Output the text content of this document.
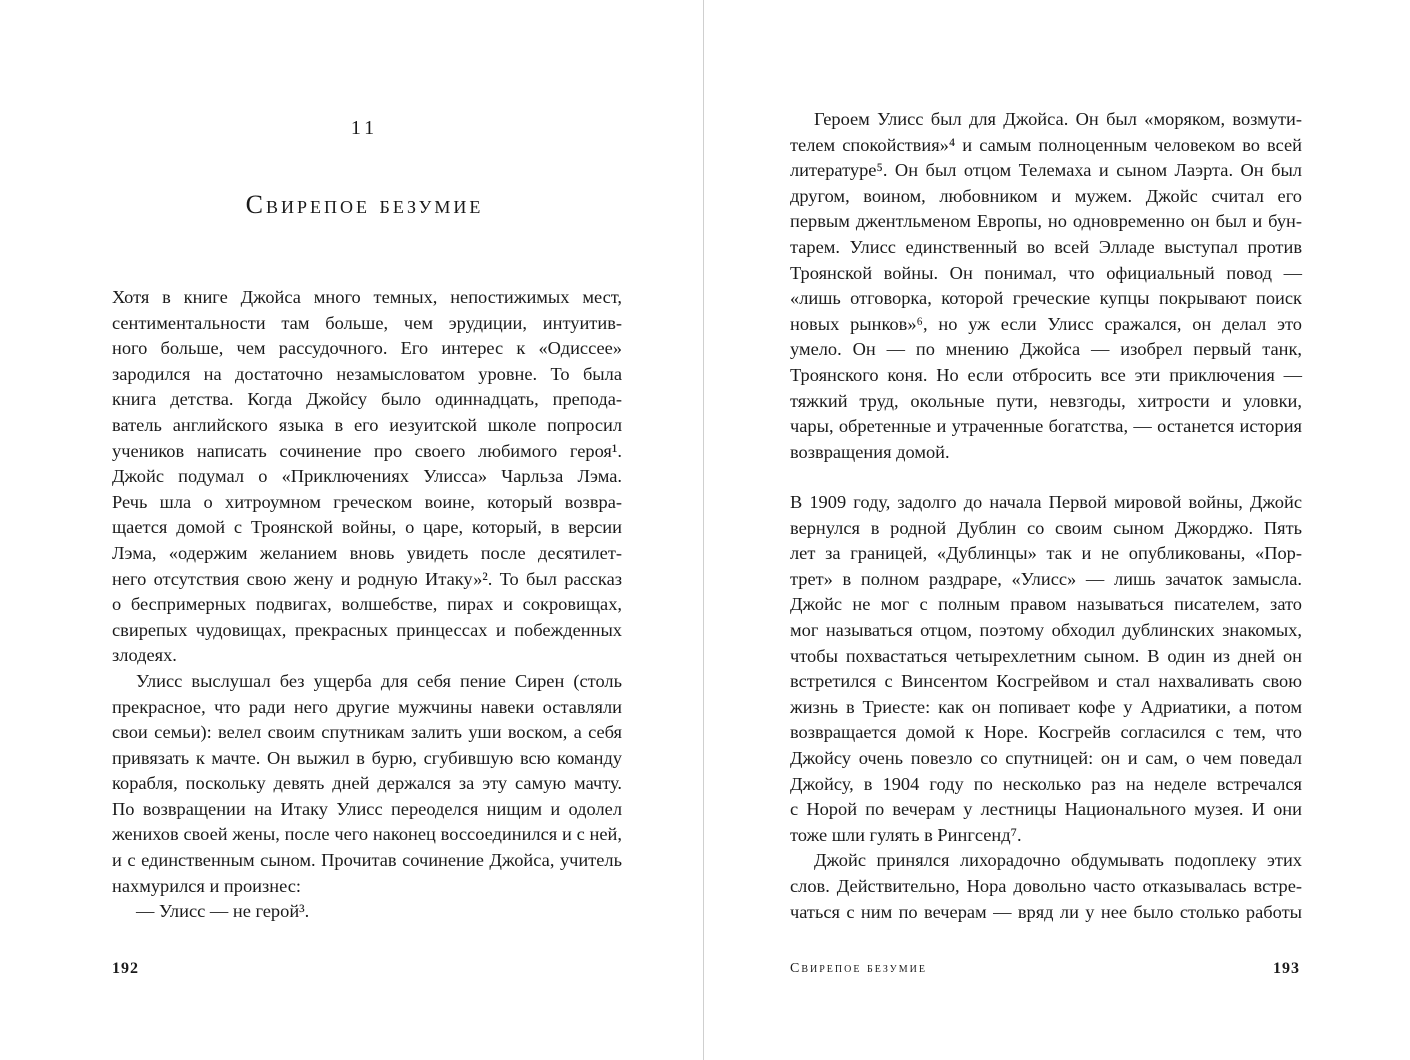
11
Свирепое безумие
Хотя в книге Джойса много темных, непостижимых мест,
сентиментальности там больше, чем эрудиции, интуитив-
ного больше, чем рассудочного. Его интерес к «Одиссее»
зародился на достаточно незамысловатом уровне. То была
книга детства. Когда Джойсу было одиннадцать, препода-
ватель английского языка в его иезуитской школе попросил
учеников написать сочинение про своего любимого героя¹.
Джойс подумал о «Приключениях Улисса» Чарльза Лэма.
Речь шла о хитроумном греческом воине, который возвра-
щается домой с Троянской войны, о царе, который, в версии
Лэма, «одержим желанием вновь увидеть после десятилет-
него отсутствия свою жену и родную Итаку»². То был рассказ
о беспримерных подвигах, волшебстве, пирах и сокровищах,
свирепых чудовищах, прекрасных принцессах и побежденных
злодеях.
Улисс выслушал без ущерба для себя пение Сирен (столь
прекрасное, что ради него другие мужчины навеки оставляли
свои семьи): велел своим спутникам залить уши воском, а себя
привязать к мачте. Он выжил в бурю, сгубившую всю команду
корабля, поскольку девять дней держался за эту самую мачту.
По возвращении на Итаку Улисс переоделся нищим и одолел
женихов своей жены, после чего наконец воссоединился и с ней,
и с единственным сыном. Прочитав сочинение Джойса, учитель
нахмурился и произнес:
— Улисс — не герой³.
192
Героем Улисс был для Джойса. Он был «моряком, возмути-
телем спокойствия»⁴ и самым полноценным человеком во всей
литературе⁵. Он был отцом Телемаха и сыном Лаэрта. Он был
другом, воином, любовником и мужем. Джойс считал его
первым джентльменом Европы, но одновременно он был и бун-
тарем. Улисс единственный во всей Элладе выступал против
Троянской войны. Он понимал, что официальный повод —
«лишь отговорка, которой греческие купцы покрывают поиск
новых рынков»⁶, но уж если Улисс сражался, он делал это
умело. Он — по мнению Джойса — изобрел первый танк,
Троянского коня. Но если отбросить все эти приключения —
тяжкий труд, окольные пути, невзгоды, хитрости и уловки,
чары, обретенные и утраченные богатства, — останется история
возвращения домой.
В 1909 году, задолго до начала Первой мировой войны, Джойс
вернулся в родной Дублин со своим сыном Джорджо. Пять
лет за границей, «Дублинцы» так и не опубликованы, «Пор-
трет» в полном раздраре, «Улисс» — лишь зачаток замысла.
Джойс не мог с полным правом называться писателем, зато
мог называться отцом, поэтому обходил дублинских знакомых,
чтобы похвастаться четырехлетним сыном. В один из дней он
встретился с Винсентом Косгрейвом и стал нахваливать свою
жизнь в Триесте: как он попивает кофе у Адриатики, а потом
возвращается домой к Норе. Косгрейв согласился с тем, что
Джойсу очень повезло со спутницей: он и сам, о чем поведал
Джойсу, в 1904 году по несколько раз на неделе встречался
с Норой по вечерам у лестницы Национального музея. И они
тоже шли гулять в Рингсенд⁷.
Джойс принялся лихорадочно обдумывать подоплеку этих
слов. Действительно, Нора довольно часто отказывалась встре-
чаться с ним по вечерам — вряд ли у нее было столько работы
Свирепое безумие	193
